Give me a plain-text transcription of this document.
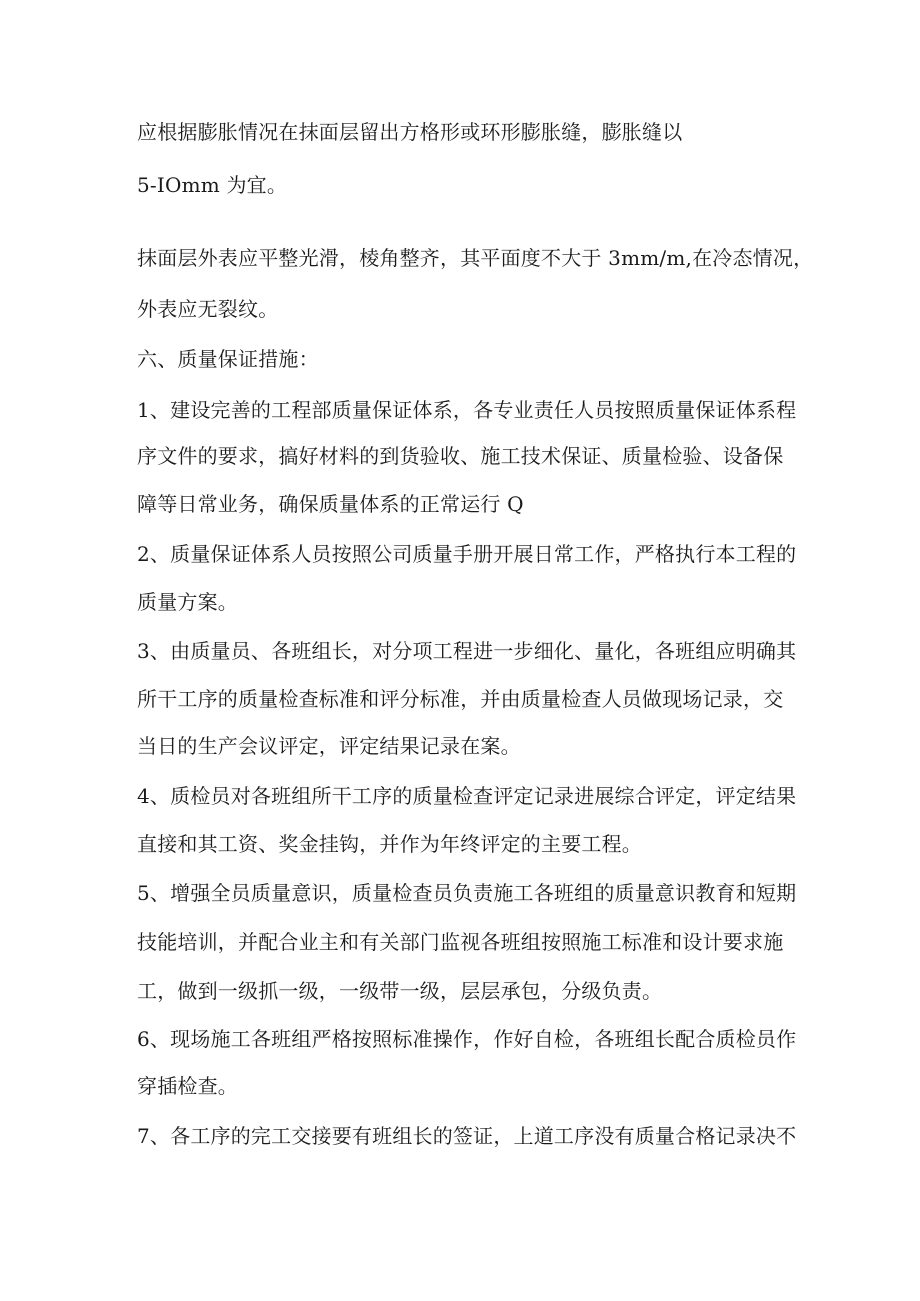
应根据膨胀情况在抹面层留出方格形或环形膨胀缝，膨胀缝以
5-IOmm 为宜。
抹面层外表应平整光滑，棱角整齐，其平面度不大于 3mm∕m,在冷态情况，
外表应无裂纹。
六、质量保证措施：
1、建设完善的工程部质量保证体系，各专业责任人员按照质量保证体系程
序文件的要求，搞好材料的到货验收、施工技术保证、质量检验、设备保
障等日常业务，确保质量体系的正常运行 Q
2、质量保证体系人员按照公司质量手册开展日常工作，严格执行本工程的
质量方案。
3、由质量员、各班组长，对分项工程进一步细化、量化，各班组应明确其
所干工序的质量检查标准和评分标准，并由质量检查人员做现场记录，交
当日的生产会议评定，评定结果记录在案。
4、质检员对各班组所干工序的质量检查评定记录进展综合评定，评定结果
直接和其工资、奖金挂钩，并作为年终评定的主要工程。
5、增强全员质量意识，质量检查员负责施工各班组的质量意识教育和短期
技能培训，并配合业主和有关部门监视各班组按照施工标准和设计要求施
工，做到一级抓一级，一级带一级，层层承包，分级负责。
6、现场施工各班组严格按照标准操作，作好自检，各班组长配合质检员作
穿插检查。
7、各工序的完工交接要有班组长的签证，上道工序没有质量合格记录决不
